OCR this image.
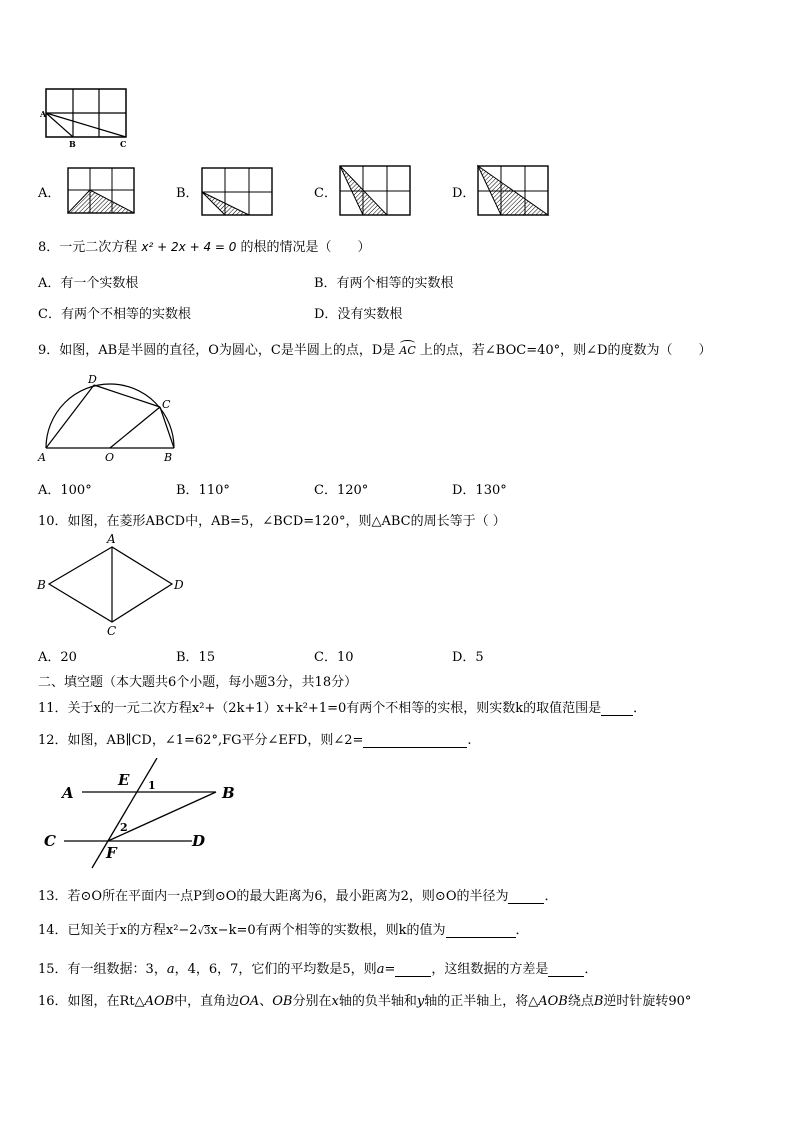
A
B	C
A．	B．	C．	D．
8．一元二次方程 x² + 2x + 4 = 0 的根的情况是（　　）
A．有一个实数根	B．有两个相等的实数根
C．有两个不相等的实数根	D．没有实数根
9．如图，AB是半圆的直径，O为圆心，C是半圆上的点，D是 AC 上的点，若∠BOC=40°，则∠D的度数为（　　）
D
C
A	O	B
A．100°	B．110°	C．120°	D．130°
10．如图，在菱形ABCD中，AB=5，∠BCD=120°，则△ABC的周长等于（ ）
A
B
C
D
A．20	B．15	C．10	D．5
二、填空题（本大题共6个小题，每小题3分，共18分）
11．关于x的一元二次方程x²+（2k+1）x+k²+1=0有两个不相等的实根，则实数k的取值范围是 ．
12．如图，AB∥CD，∠1=62°,FG平分∠EFD，则∠2=	.
A	B
C	D
E
F
1
2
13．若⊙O所在平面内一点P到⊙O的最大距离为6，最小距离为2，则⊙O的半径为	．
14．已知关于x的方程x²−2√3x−k=0有两个相等的实数根，则k的值为	．
15．有一组数据：3，a，4，6，7，它们的平均数是5，则a=	，这组数据的方差是	．
16．如图，在Rt△AOB中，直角边OA、OB分别在x轴的负半轴和y轴的正半轴上，将△AOB绕点B逆时针旋转90°
